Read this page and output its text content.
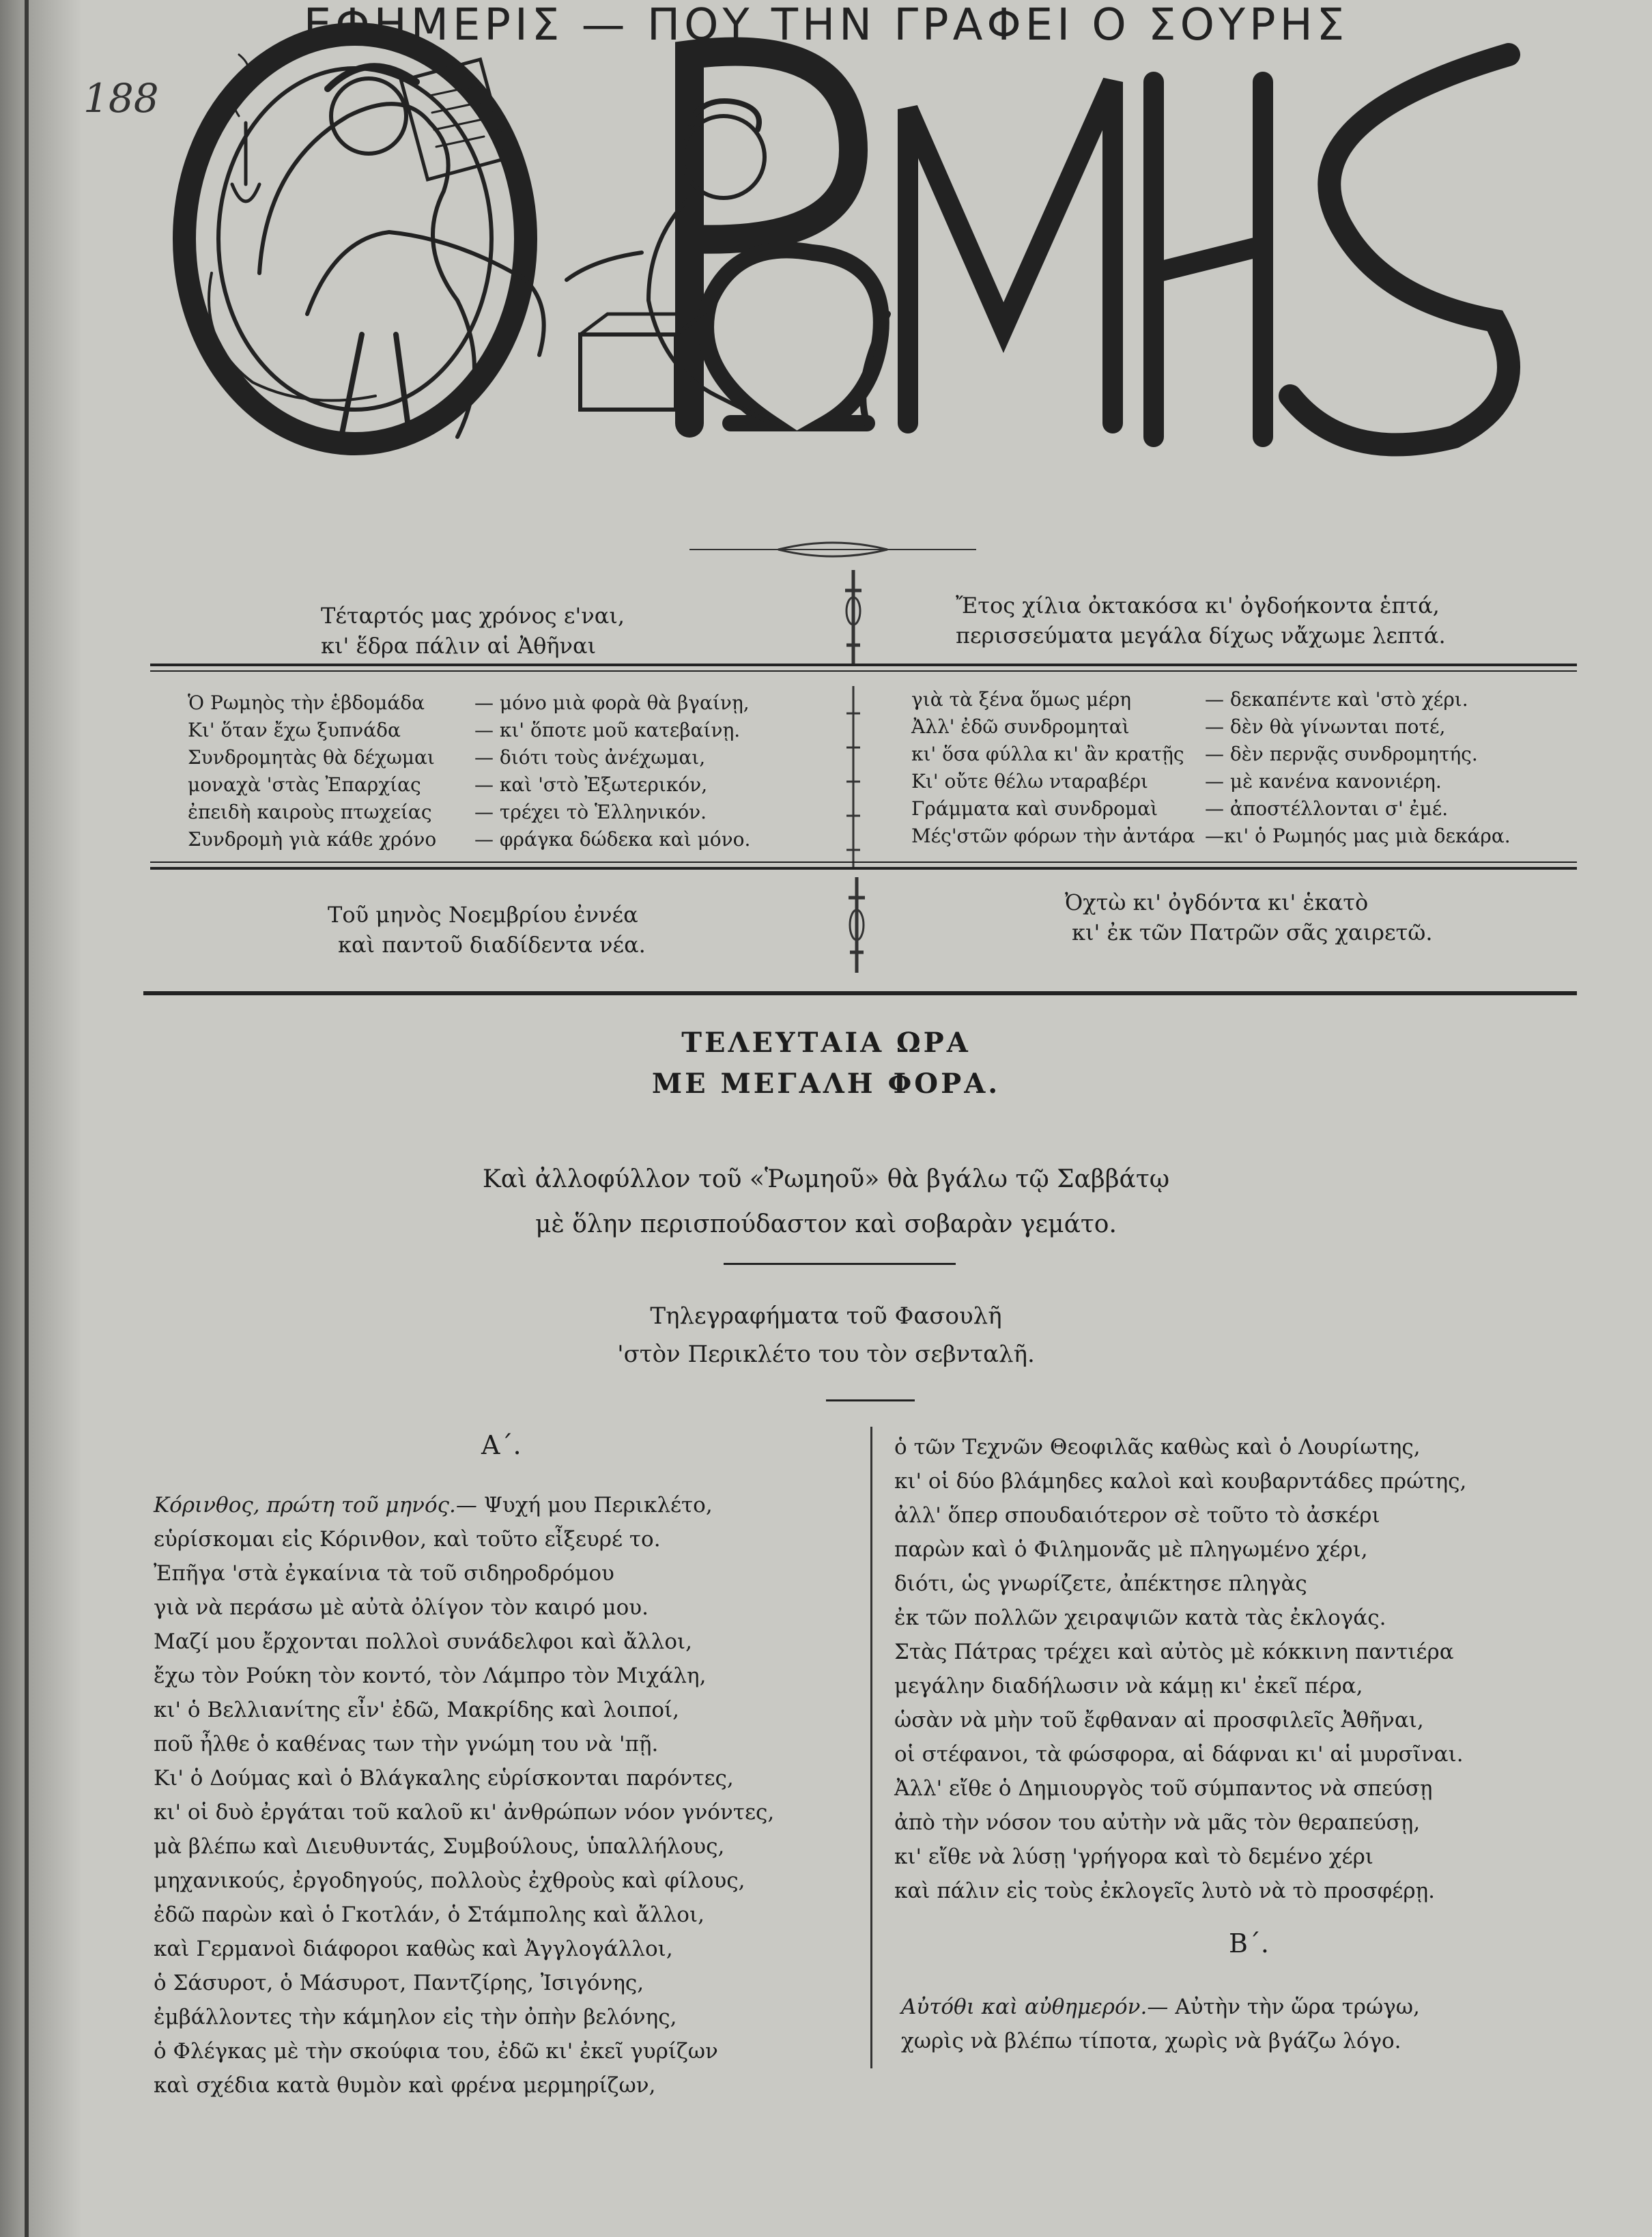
188
ΕΦΗΜΕΡΙΣ — ΠΟΥ ΤΗΝ ΓΡΑΦΕΙ Ο ΣΟΥΡΗΣ
Τέταρτός μας χρόνος ε'ναι,
κι' ἕδρα πάλιν αἱ Ἀθῆναι
Ἔτος χίλια ὀκτακόσα κι' ὀγδοήκοντα ἑπτά,
περισσεύματα μεγάλα δίχως νἄχωμε λεπτά.
Ὁ Ρωμηὸς τὴν ἑβδομάδα	— μόνο μιὰ φορὰ θὰ βγαίνῃ,
Κι' ὅταν ἔχω ξυπνάδα	— κι' ὅποτε μοῦ κατεβαίνῃ.
Συνδρομητὰς θὰ δέχωμαι	— διότι τοὺς ἀνέχωμαι,
μοναχὰ 'στὰς Ἐπαρχίας	— καὶ 'στὸ Ἐξωτερικόν,
ἐπειδὴ καιροὺς πτωχείας	— τρέχει τὸ Ἑλληνικόν.
Συνδρομὴ γιὰ κάθε χρόνο	— φράγκα δώδεκα καὶ μόνο.
γιὰ τὰ ξένα ὅμως μέρη	— δεκαπέντε καὶ 'στὸ χέρι.
Ἀλλ' ἐδῶ συνδρομηταὶ	— δὲν θὰ γίνωνται ποτέ,
κι' ὅσα φύλλα κι' ἂν κρατῇς	— δὲν περνᾷς συνδρομητής.
Κι' οὔτε θέλω νταραβέρι	— μὲ κανένα κανονιέρη.
Γράμματα καὶ συνδρομαὶ	— ἀποστέλλονται σ' ἐμέ.
Μές'στῶν φόρων τὴν ἀντάρα —κι' ὁ Ρωμηός μας μιὰ δεκάρα.
Τοῦ μηνὸς Νοεμβρίου ἐννέα
καὶ παντοῦ διαδίδεντα νέα.
Ὀχτὼ κι' ὀγδόντα κι' ἑκατὸ
κι' ἐκ τῶν Πατρῶν σᾶς χαιρετῶ.
ΤΕΛΕΥΤΑΙΑ ΩΡΑ
ΜΕ ΜΕΓΑΛΗ ΦΟΡΑ.
Καὶ ἀλλοφύλλον τοῦ «Ῥωμηοῦ» θὰ βγάλω τῷ Σαββάτῳ
μὲ ὅλην περισπούδαστον καὶ σοβαρὰν γεμάτο.
Τηλεγραφήματα τοῦ Φασουλῆ
'στὸν Περικλέτο του τὸν σεβνταλῆ.
Α΄.

Κόρινθος, πρώτη τοῦ μηνός.— Ψυχή μου Περικλέτο,

εὑρίσκομαι εἰς Κόρινθον, καὶ τοῦτο εἶξευρέ το.

Ἐπῆγα 'στὰ ἐγκαίνια τὰ τοῦ σιδηροδρόμου

γιὰ νὰ περάσω μὲ αὐτὰ ὀλίγον τὸν καιρό μου.

Μαζί μου ἔρχονται πολλοὶ συνάδελφοι καὶ ἄλλοι,

ἔχω τὸν Ρούκη τὸν κοντό, τὸν Λάμπρο τὸν Μιχάλη,

κι' ὁ Βελλιανίτης εἶν' ἐδῶ, Μακρίδης καὶ λοιποί,

ποῦ ἦλθε ὁ καθένας των τὴν γνώμη του νὰ 'πῇ.

Κι' ὁ Δούμας καὶ ὁ Βλάγκαλης εὑρίσκονται παρόντες,

κι' οἱ δυὸ ἐργάται τοῦ καλοῦ κι' ἀνθρώπων νόον γνόντες,

μὰ βλέπω καὶ Διευθυντάς, Συμβούλους, ὑπαλλήλους,

μηχανικούς, ἐργοδηγούς, πολλοὺς ἐχθροὺς καὶ φίλους,

ἐδῶ παρὼν καὶ ὁ Γκοτλάν, ὁ Στάμπολης καὶ ἄλλοι,

καὶ Γερμανοὶ διάφοροι καθὼς καὶ Ἀγγλογάλλοι,

ὁ Σάσυροτ, ὁ Μάσυροτ, Παντζίρης, Ἰσιγόνης,

ἐμβάλλοντες τὴν κάμηλον εἰς τὴν ὀπὴν βελόνης,

ὁ Φλέγκας μὲ τὴν σκούφια του, ἐδῶ κι' ἐκεῖ γυρίζων

καὶ σχέδια κατὰ θυμὸν καὶ φρένα μερμηρίζων,

ὁ τῶν Τεχνῶν Θεοφιλᾶς καθὼς καὶ ὁ Λουρίωτης,

κι' οἱ δύο βλάμηδες καλοὶ καὶ κουβαρντάδες πρώτης,

ἀλλ' ὅπερ σπουδαιότερον σὲ τοῦτο τὸ ἀσκέρι

παρὼν καὶ ὁ Φιλημονᾶς μὲ πληγωμένο χέρι,

διότι, ὡς γνωρίζετε, ἀπέκτησε πληγὰς

ἐκ τῶν πολλῶν χειραψιῶν κατὰ τὰς ἐκλογάς.

Στὰς Πάτρας τρέχει καὶ αὐτὸς μὲ κόκκινη παντιέρα

μεγάλην διαδήλωσιν νὰ κάμῃ κι' ἐκεῖ πέρα,

ὡσὰν νὰ μὴν τοῦ ἔφθαναν αἱ προσφιλεῖς Ἀθῆναι,

οἱ στέφανοι, τὰ φώσφορα, αἱ δάφναι κι' αἱ μυρσῖναι.

Ἀλλ' εἴθε ὁ Δημιουργὸς τοῦ σύμπαντος νὰ σπεύσῃ

ἀπὸ τὴν νόσον του αὐτὴν νὰ μᾶς τὸν θεραπεύσῃ,

κι' εἴθε νὰ λύσῃ 'γρήγορα καὶ τὸ δεμένο χέρι

καὶ πάλιν εἰς τοὺς ἐκλογεῖς λυτὸ νὰ τὸ προσφέρῃ.

Β΄.

Αὐτόθι καὶ αὐθημερόν.— Αὐτὴν τὴν ὥρα τρώγω,

χωρὶς νὰ βλέπω τίποτα, χωρὶς νὰ βγάζω λόγο.
